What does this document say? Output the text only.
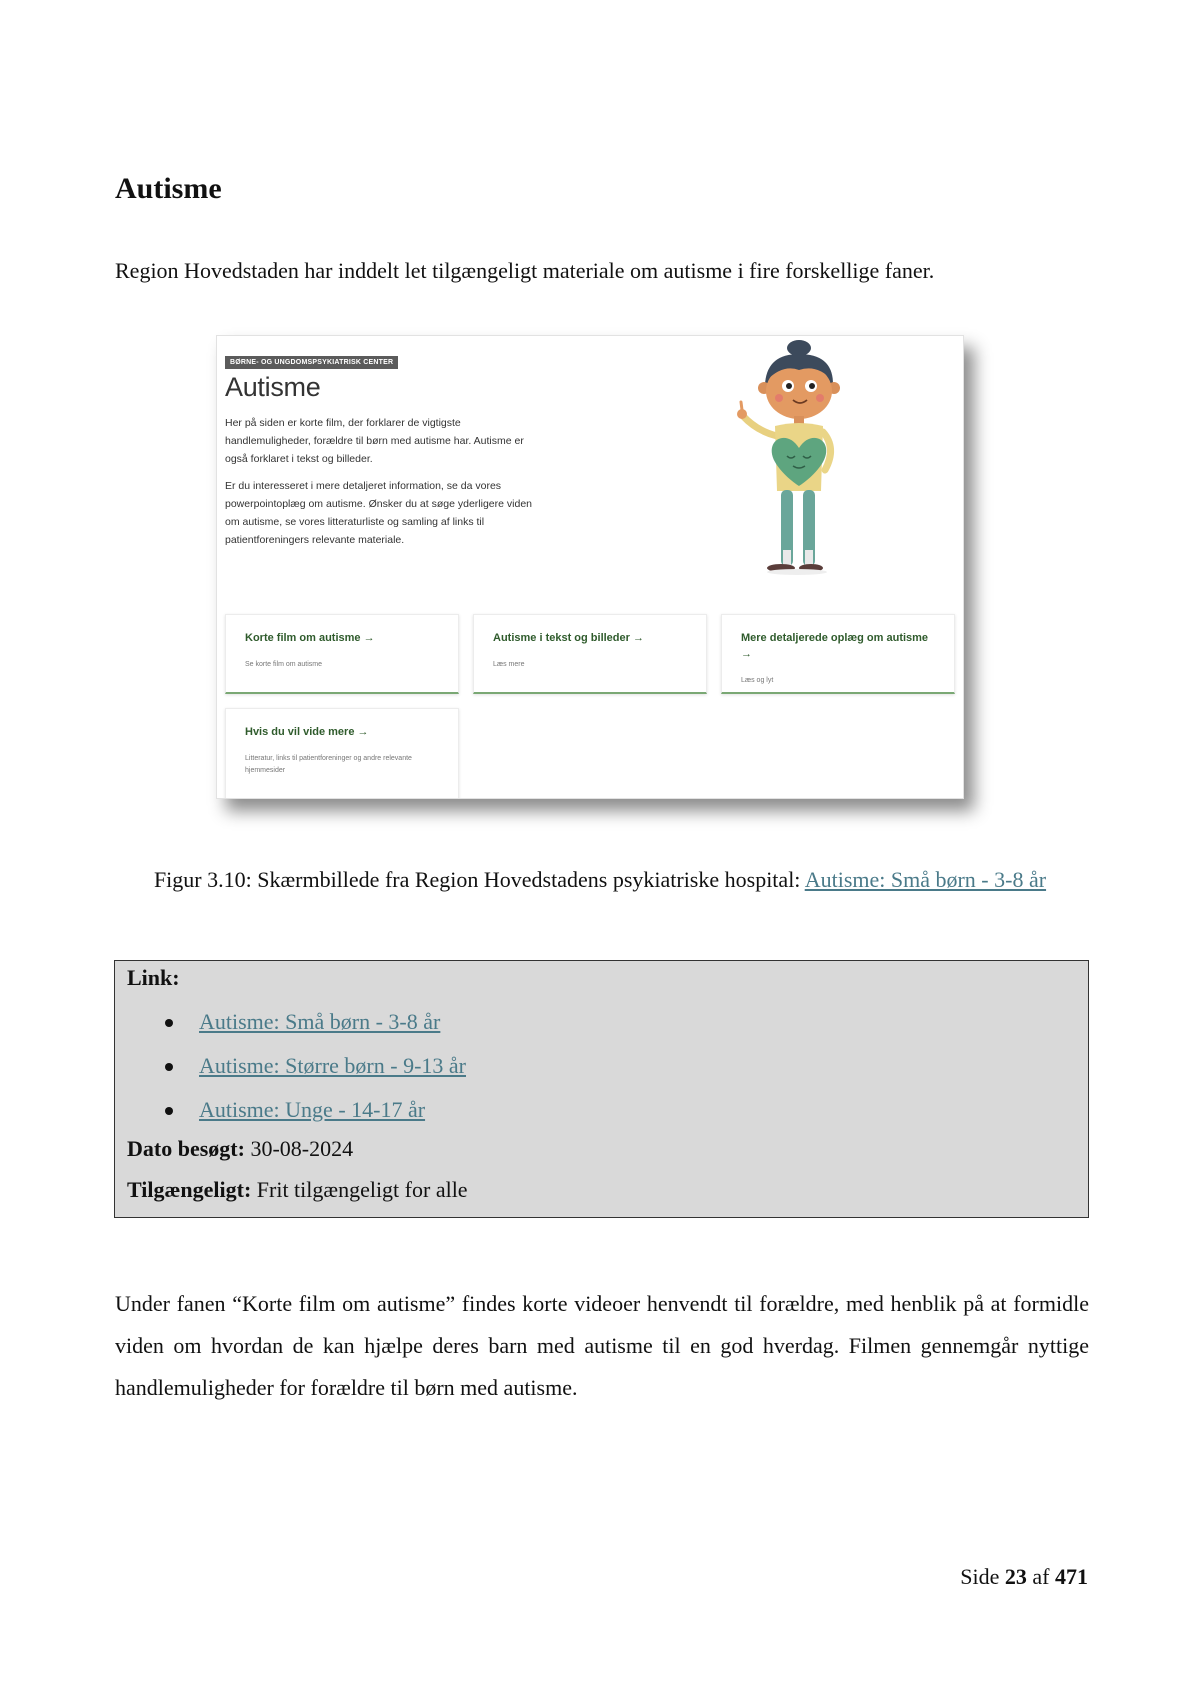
Autisme

Region Hovedstaden har inddelt let tilgængeligt materiale om autisme i fire forskellige faner.

BØRNE- OG UNGDOMSPSYKIATRISK CENTER
Autisme

Her på siden er korte film, der forklarer de vigtigste handlemuligheder, forældre til børn med autisme har. Autisme er også forklaret i tekst og billeder.

Er du interesseret i mere detaljeret information, se da vores powerpointoplæg om autisme. Ønsker du at søge yderligere viden om autisme, se vores litteraturliste og samling af links til patientforeningers relevante materiale.

Korte film om autisme →
Se korte film om autisme
Autisme i tekst og billeder →
Læs mere
Mere detaljerede oplæg om autisme →
Læs og lyt
Hvis du vil vide mere →
Litteratur, links til patientforeninger og andre relevante hjemmesider

Figur 3.10: Skærmbillede fra Region Hovedstadens psykiatriske hospital: Autisme: Små børn - 3-8 år

Link:
Autisme: Små børn - 3-8 år
Autisme: Større børn - 9-13 år
Autisme: Unge - 14-17 år

Dato besøgt: 30-08-2024

Tilgængeligt: Frit tilgængeligt for alle

Under fanen “Korte film om autisme” findes korte videoer henvendt til forældre, med henblik på at formidle viden om hvordan de kan hjælpe deres barn med autisme til en god hverdag. Filmen gennemgår nyttige handlemuligheder for forældre til børn med autisme.

Side 23 af 471
